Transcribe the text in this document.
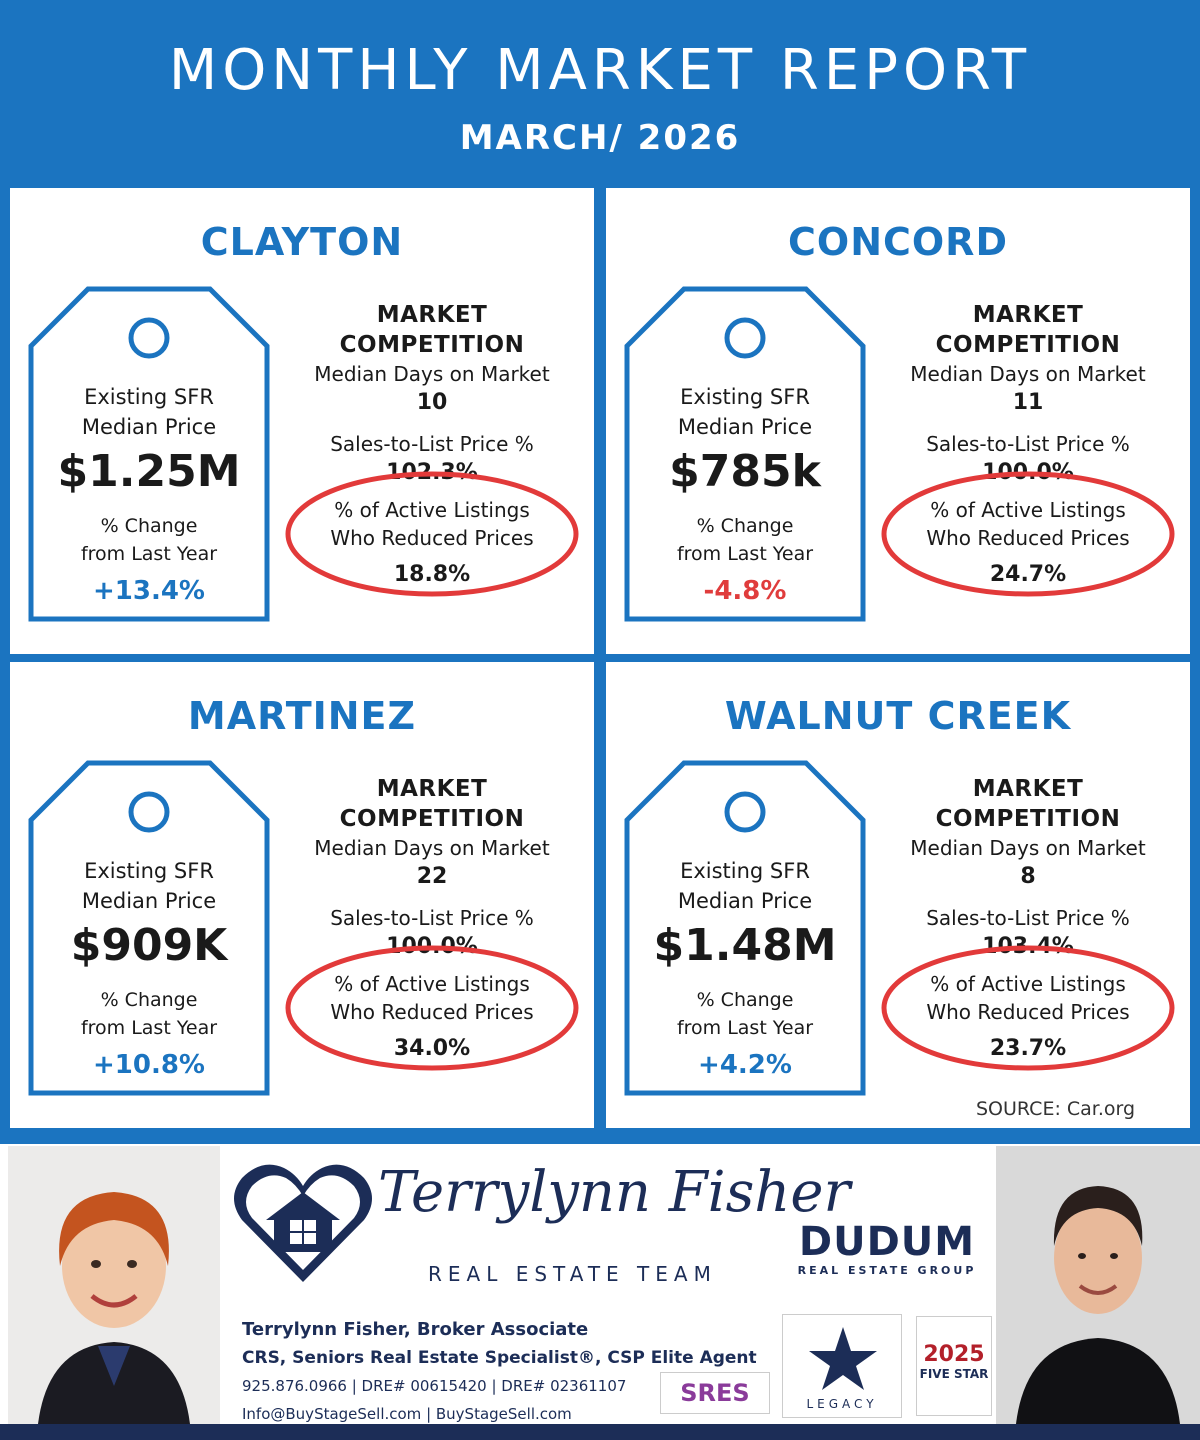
MONTHLY MARKET REPORT
MARCH/ 2026
CLAYTON
Existing SFR
Median Price
$1.25M
% Change
from Last Year
+13.4%
MARKET
COMPETITION
Median Days on Market
10
Sales-to-List Price %
102.3%
% of Active Listings
Who Reduced Prices
18.8%
CONCORD
Existing SFR
Median Price
$785k
% Change
from Last Year
-4.8%
MARKET
COMPETITION
Median Days on Market
11
Sales-to-List Price %
100.0%
% of Active Listings
Who Reduced Prices
24.7%
MARTINEZ
Existing SFR
Median Price
$909K
% Change
from Last Year
+10.8%
MARKET
COMPETITION
Median Days on Market
22
Sales-to-List Price %
100.0%
% of Active Listings
Who Reduced Prices
34.0%
WALNUT CREEK
Existing SFR
Median Price
$1.48M
% Change
from Last Year
+4.2%
MARKET
COMPETITION
Median Days on Market
8
Sales-to-List Price %
103.4%
% of Active Listings
Who Reduced Prices
23.7%
SOURCE: Car.org
Terrylynn Fisher
REAL ESTATE TEAM
DUDUM
REAL ESTATE GROUP
Terrylynn Fisher, Broker Associate
CRS, Seniors Real Estate Specialist®, CSP Elite Agent
925.876.0966 | DRE# 00615420 | DRE# 02361107
Info@BuyStageSell.com | BuyStageSell.com
SRES	LEGACY
2025
FIVE STAR
